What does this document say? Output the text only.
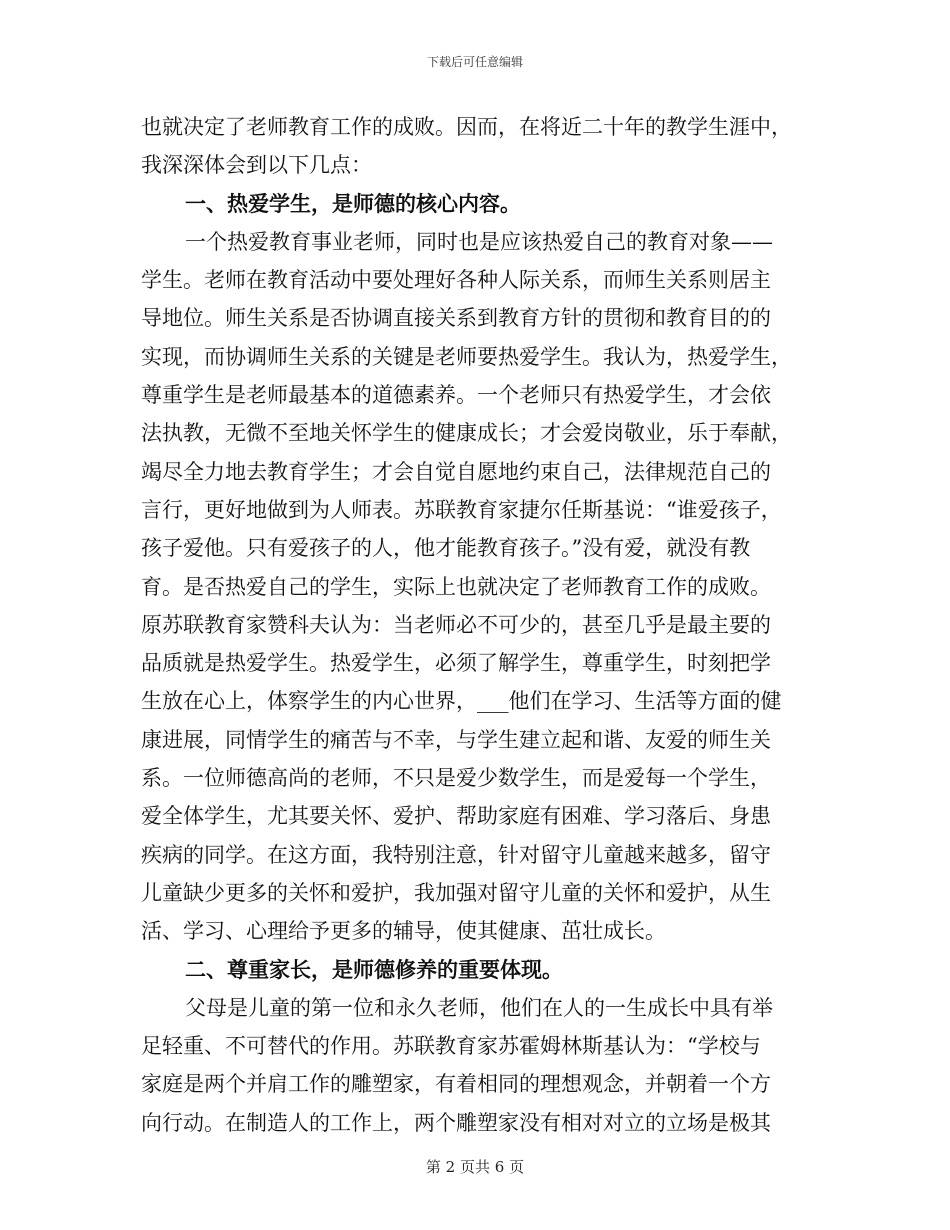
下载后可任意编辑
也就决定了老师教育工作的成败。因而，在将近二十年的教学生涯中，
我深深体会到以下几点：
一、热爱学生，是师德的核心内容。
一个热爱教育事业老师，同时也是应该热爱自己的教育对象——
学生。老师在教育活动中要处理好各种人际关系，而师生关系则居主
导地位。师生关系是否协调直接关系到教育方针的贯彻和教育目的的
实现，而协调师生关系的关键是老师要热爱学生。我认为，热爱学生，
尊重学生是老师最基本的道德素养。一个老师只有热爱学生，才会依
法执教，无微不至地关怀学生的健康成长；才会爱岗敬业，乐于奉献，
竭尽全力地去教育学生；才会自觉自愿地约束自己，法律规范自己的
言行，更好地做到为人师表。苏联教育家捷尔任斯基说：“谁爱孩子，
孩子爱他。只有爱孩子的人，他才能教育孩子。”没有爱，就没有教
育。是否热爱自己的学生，实际上也就决定了老师教育工作的成败。
原苏联教育家赞科夫认为：当老师必不可少的，甚至几乎是最主要的
品质就是热爱学生。热爱学生，必须了解学生，尊重学生，时刻把学
生放在心上，体察学生的内心世界，___他们在学习、生活等方面的健
康进展，同情学生的痛苦与不幸，与学生建立起和谐、友爱的师生关
系。一位师德高尚的老师，不只是爱少数学生，而是爱每一个学生，
爱全体学生，尤其要关怀、爱护、帮助家庭有困难、学习落后、身患
疾病的同学。在这方面，我特别注意，针对留守儿童越来越多，留守
儿童缺少更多的关怀和爱护，我加强对留守儿童的关怀和爱护，从生
活、学习、心理给予更多的辅导，使其健康、茁壮成长。
二、尊重家长，是师德修养的重要体现。
父母是儿童的第一位和永久老师，他们在人的一生成长中具有举
足轻重、不可替代的作用。苏联教育家苏霍姆林斯基认为：“学校与
家庭是两个并肩工作的雕塑家，有着相同的理想观念，并朝着一个方
向行动。在制造人的工作上，两个雕塑家没有相对对立的立场是极其
第 2 页共 6 页
